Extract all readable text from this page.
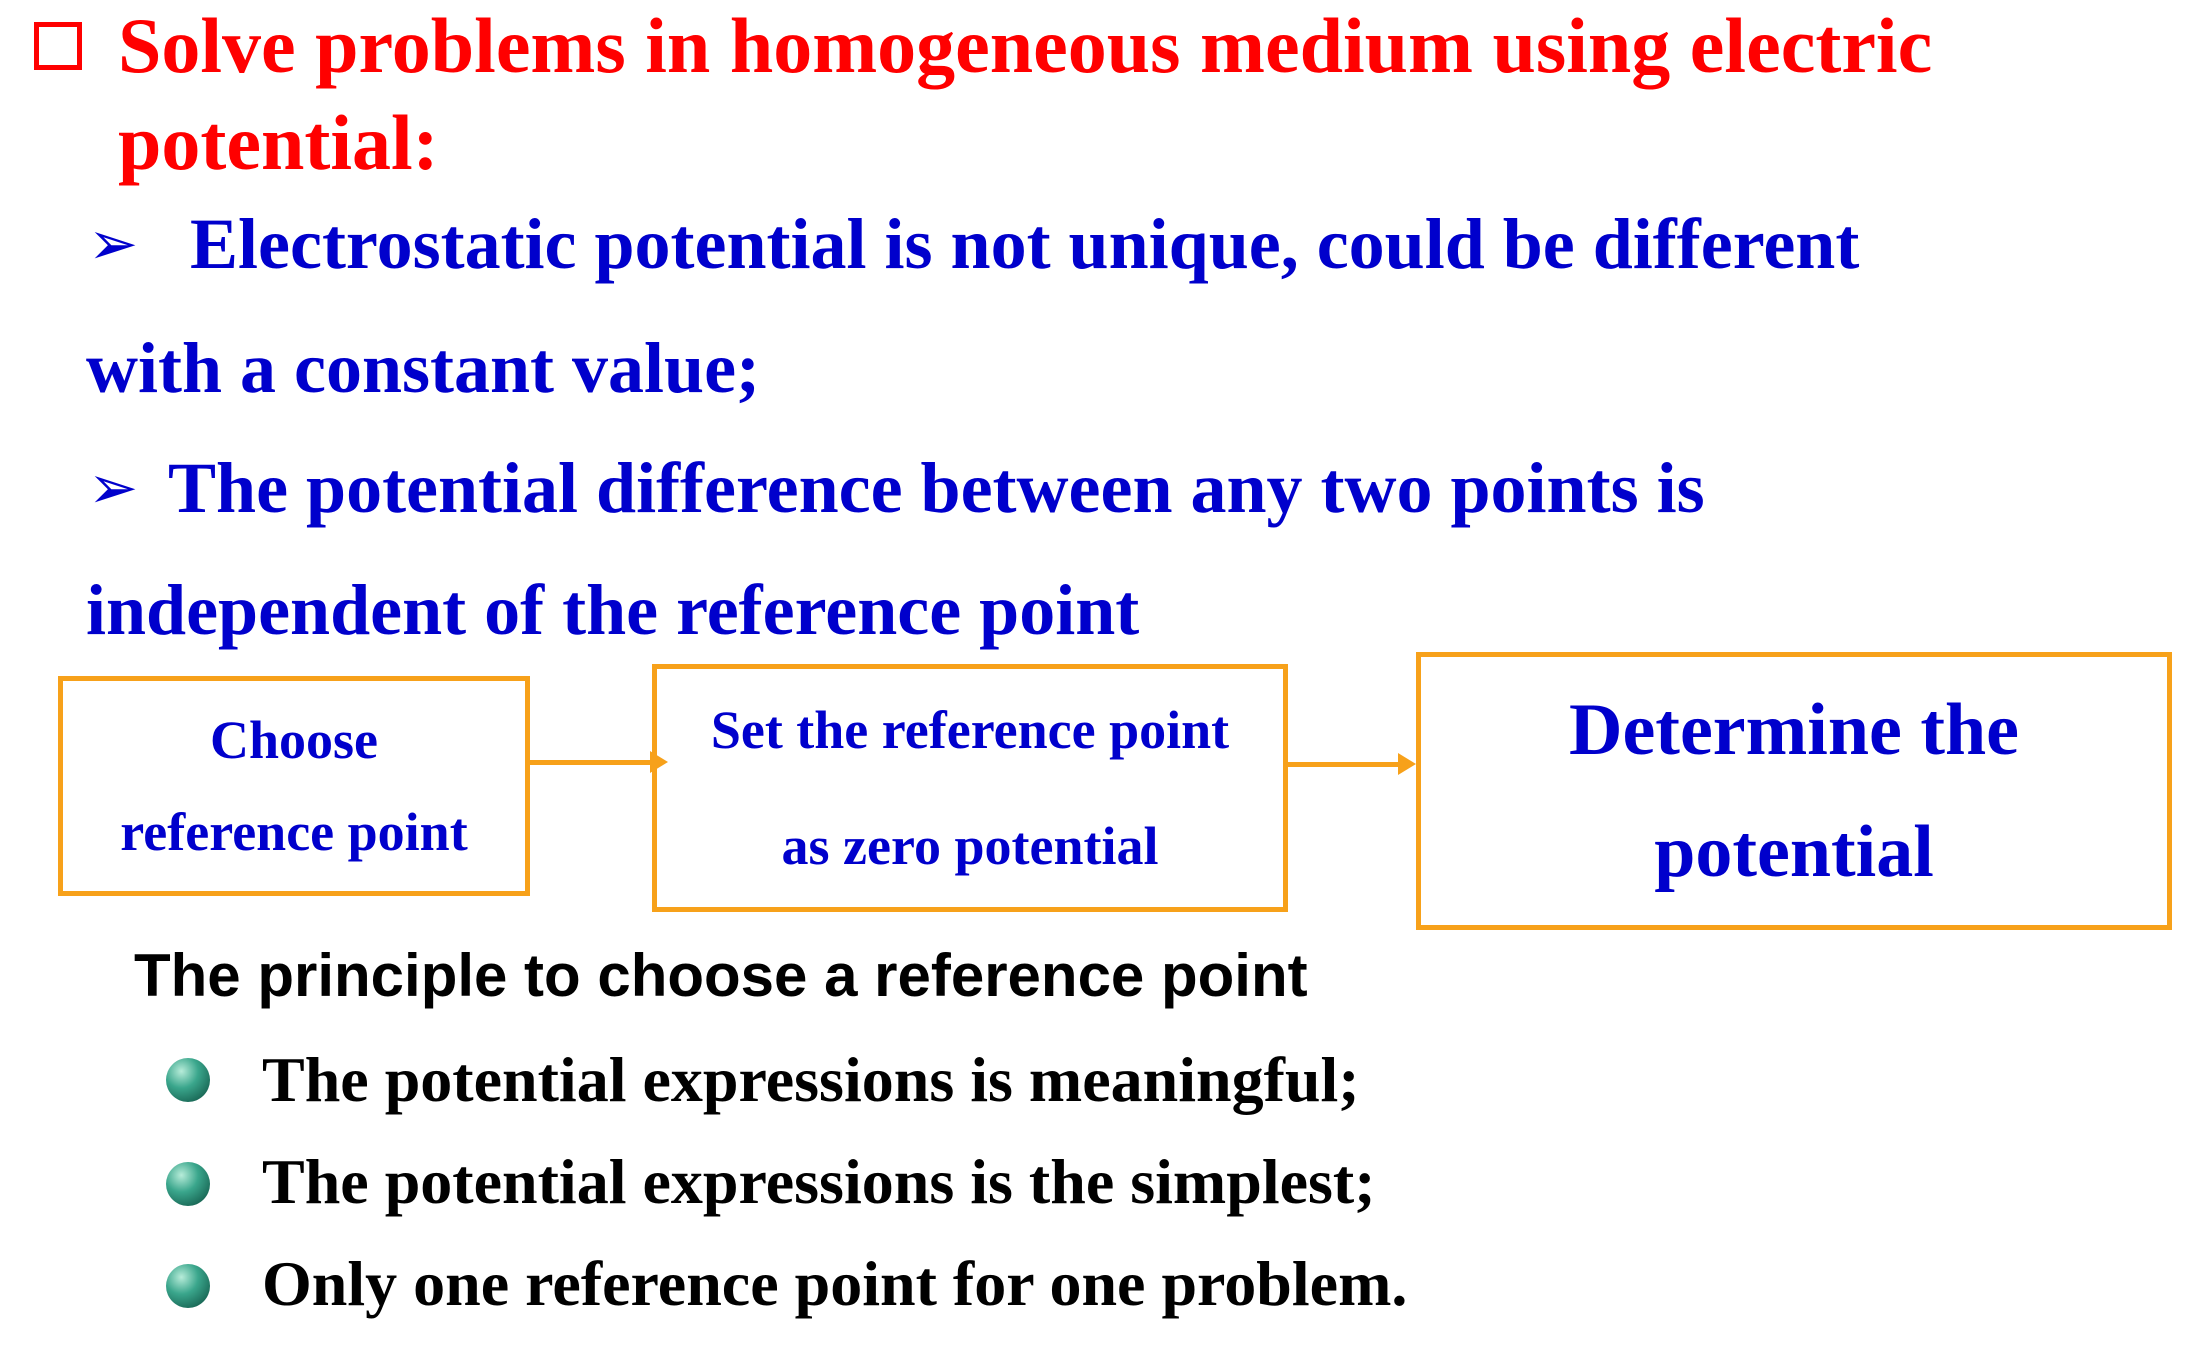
Solve problems in homogeneous medium using electric
potential:
➢ Electrostatic potential is not unique, could be different
with a constant value;
➢ The potential difference between any two points is
independent of the reference point
Choose
reference point
Set the reference point
as zero potential
Determine the
potential
The principle to choose a reference point
The potential expressions is meaningful;
The potential expressions is the simplest;
Only one reference point for one problem.
